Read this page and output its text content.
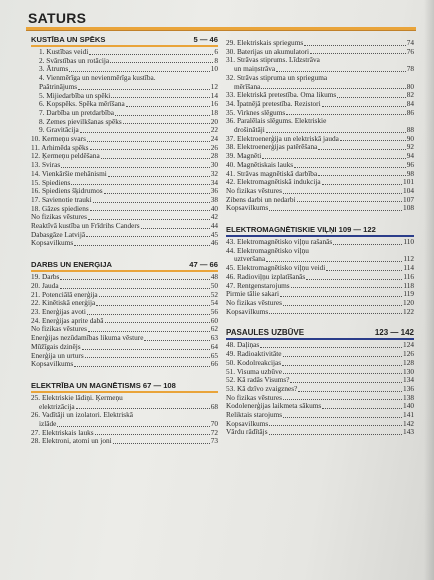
SATURS
KUSTĪBA UN SPĒKS	5 — 46
1. Kustības veidi	6
2. Svārstības un rotācija	8
3. Ātrums	10
4. Vienmērīga un nevienmērīga kustība.
Paātrinājums	12
5. Mijiedarbība un spēki	14
6. Kopspēks. Spēka mērīšana	16
7. Darbība un pretdarbība	18
8. Zemes pievilkšanas spēks	20
9. Gravitācija	22
10. Kermeņu svars	24
11. Arhimēda spēks	26
12. Ķermeņu peldēšana	28
13. Sviras	30
14. Vienkāršie mehānismi	32
15. Spiediens	34
16. Spiediens šķidrumos	36
17. Savienotie trauki	38
18. Gāzes spiediens	40
No fizikas vēstures	42
Reaktīvā kustība un Frīdrihs Canders	44
Dabasgāze Latvijā	45
Kopsavilkums	46
DARBS UN ENERĢIJA	47 — 66
19. Darbs	48
20. Jauda	50
21. Potenciālā enerģija	52
22. Kinētiskā enerģija	54
23. Enerģijas avoti	56
24. Enerģijas aprite dabā	60
No fizikas vēstures	62
Enerģijas nezūdamības likuma vēsture	63
Mūžīgais dzinējs	64
Enerģija un urturs	65
Kopsavilkums	66
ELEKTRĪBA UN MAGNĒTISMS 67 — 108
25. Elektriskie lādiņi. Ķermeņu
elektrizācija	68
26. Vadītāji un izolatori. Elektriskā
izlāde	70
27. Elektriskais lauks	72
28. Elektroni, atomi un joni	73
29. Elektriskais spriegums	74
30. Baterijas un akumulatori	76
31. Strāvas stiprums. Līdzstrāva
un maiņstrāva	78
32. Strāvas stipruma un sprieguma
mērīšana	80
33. Elektriskā pretestība. Oma likums	82
34. Īpatnējā pretestība. Rezistori	84
35. Virknes slēgums	86
36. Paralēlais slēgums. Elektriskie
drošinātāji	88
37. Elektroenerģija un elektriskā jauda	90
38. Elektroenerģijas patērēšana	92
39. Magnēti	94
40. Magnētiskais lauks	96
41. Strāvas magnētiskā darbība	98
42. Elektromagnētiskā indukcija	101
No fizikas vēstures	104
Zibens darbi un nedarbi	107
Kopsavilkums	108
ELEKTROMAGNĒTISKIE VIĻŅI 109 — 122
43. Elektromagnētisko viļņu rašanās	110
44. Elektromagnētisko viļņu
uztveršana	112
45. Elektromagnētisko viļņu veidi	114
46. Radioviļņu izplatīšanās	116
47. Rentgenstarojums	118
Pirmie tālie sakari	119
No fizikas vēstures	120
Kopsavilkums	122
PASAULES UZBŪVE	123 — 142
48. Daļiņas	124
49. Radioaktivitāte	126
50. Kodolreakcijas	128
51. Visuma uzbūve	130
52. Kā radās Visums?	134
53. Kā dzīvo zvaigznes?	136
No fizikas vēstures	138
Kodolenerģijas laikmeta sākums	140
Reliktais starojums	141
Kopsavilkums	142
Vārdu rādītājs	143
